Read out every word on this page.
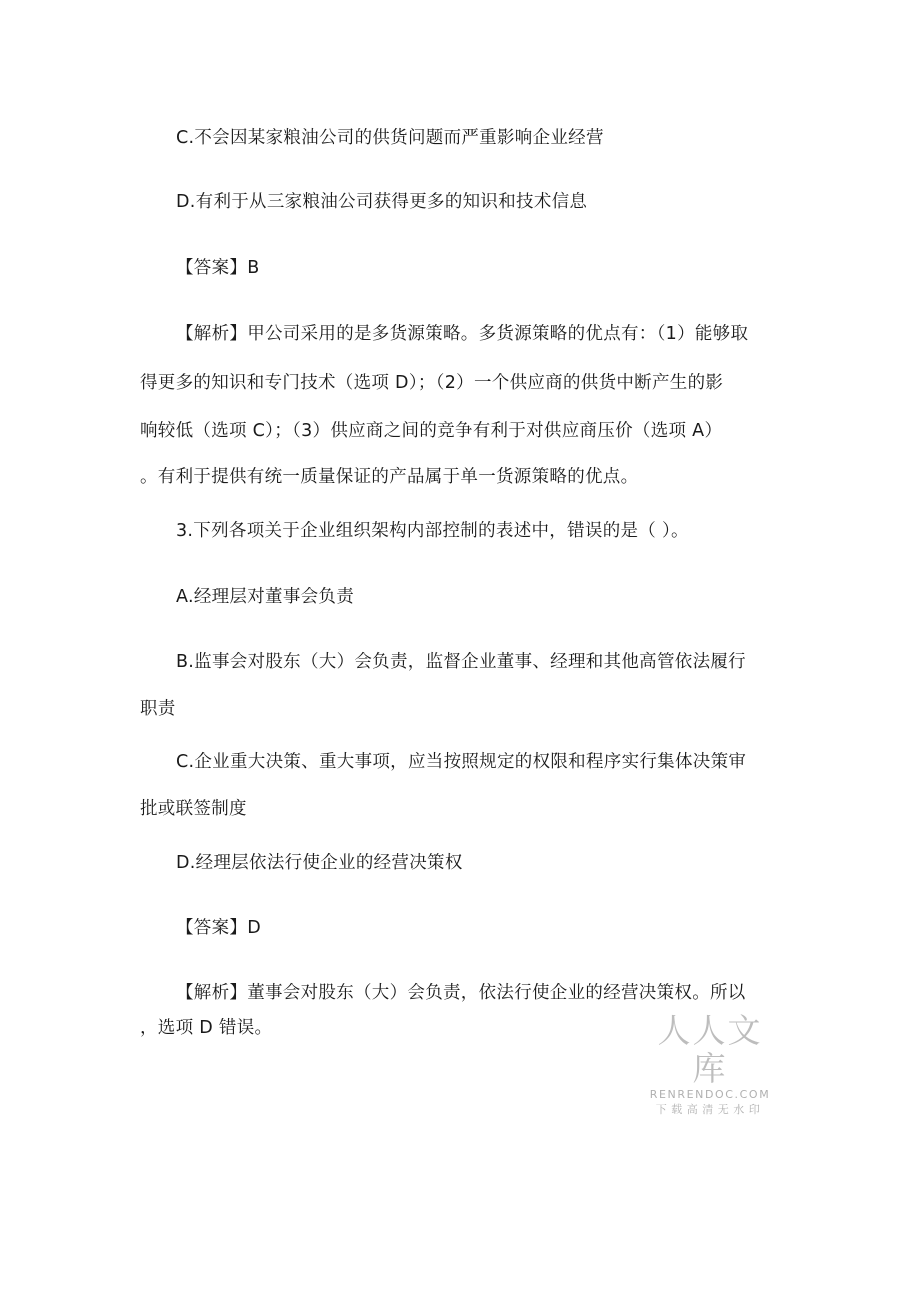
C.不会因某家粮油公司的供货问题而严重影响企业经营
D.有利于从三家粮油公司获得更多的知识和技术信息
【答案】B
【解析】甲公司采用的是多货源策略。多货源策略的优点有：（1）能够取
得更多的知识和专门技术（选项 D）；（2）一个供应商的供货中断产生的影
响较低（选项 C）；（3）供应商之间的竞争有利于对供应商压价（选项 A）
。有利于提供有统一质量保证的产品属于单一货源策略的优点。
3.下列各项关于企业组织架构内部控制的表述中，错误的是（ ）。
A.经理层对董事会负责
B.监事会对股东（大）会负责，监督企业董事、经理和其他高管依法履行
职责
C.企业重大决策、重大事项，应当按照规定的权限和程序实行集体决策审
批或联签制度
D.经理层依法行使企业的经营决策权
【答案】D
【解析】董事会对股东（大）会负责，依法行使企业的经营决策权。所以
，选项 D 错误。	人人文库
RENRENDOC.COM
下载高清无水印
